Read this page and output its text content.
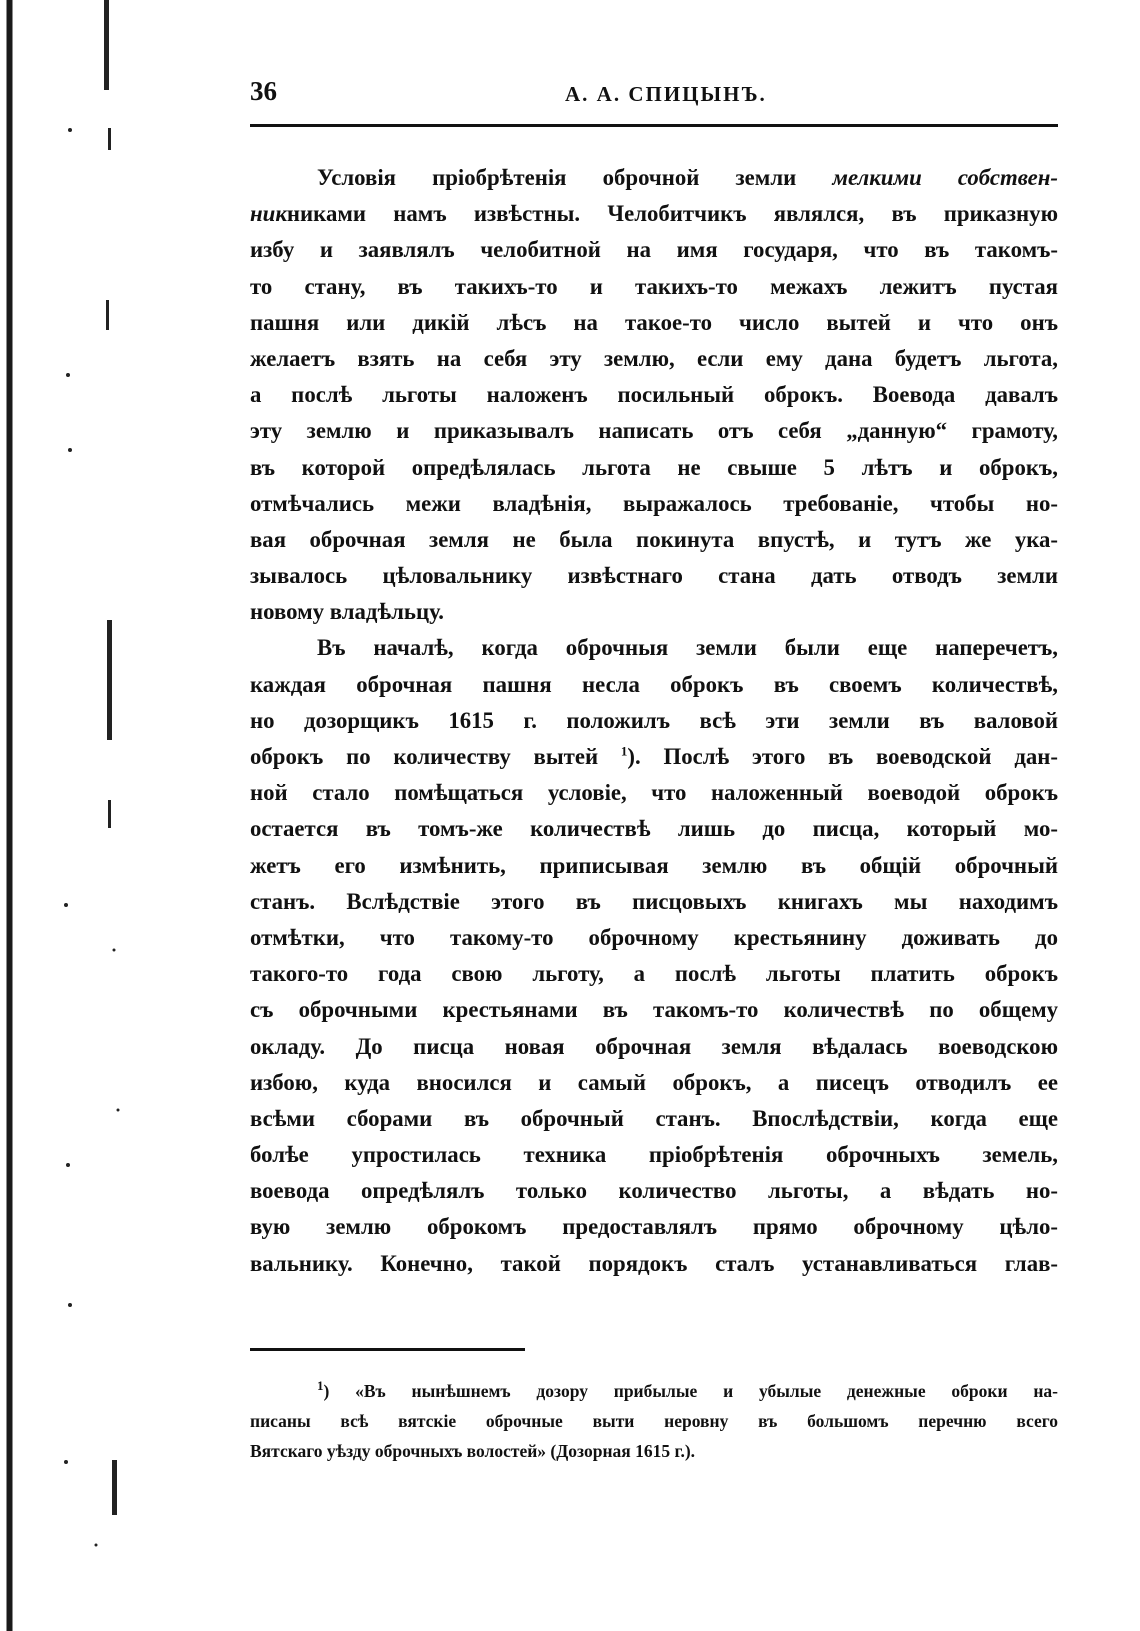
36	А. А. СПИЦЫНЪ.
Условія пріобрѣтенія оброчной земли мелкими собствен-
никниками намъ извѣстны. Челобитчикъ являлся, въ приказную
избу и заявлялъ челобитной на имя государя, что въ такомъ-
то стану, въ такихъ-то и такихъ-то межахъ лежитъ пустая
пашня или дикій лѣсъ на такое-то число вытей и что онъ
желаетъ взять на себя эту землю, если ему дана будетъ льгота,
а послѣ льготы наложенъ посильный оброкъ. Воевода давалъ
эту землю и приказывалъ написать отъ себя „данную“ грамоту,
въ которой опредѣлялась льгота не свыше 5 лѣтъ и оброкъ,
отмѣчались межи владѣнія, выражалось требованіе, чтобы но-
вая оброчная земля не была покинута впустѣ, и тутъ же ука-
зывалось цѣловальнику извѣстнаго стана дать отводъ земли
новому владѣльцу.
Въ началѣ, когда оброчныя земли были еще наперечетъ,
каждая оброчная пашня несла оброкъ въ своемъ количествѣ,
но дозорщикъ 1615 г. положилъ всѣ эти земли въ валовой
оброкъ по количеству вытей $^1$). Послѣ этого въ воеводской дан-
ной стало помѣщаться условіе, что наложенный воеводой оброкъ
остается въ томъ-же количествѣ лишь до писца, который мо-
жетъ его измѣнить, приписывая землю въ общій оброчный
станъ. Вслѣдствіе этого въ писцовыхъ книгахъ мы находимъ
отмѣтки, что такому-то оброчному крестьянину доживать до
такого-то года свою льготу, а послѣ льготы платить оброкъ
съ оброчными крестьянами въ такомъ-то количествѣ по общему
окладу. До писца новая оброчная земля вѣдалась воеводскою
избою, куда вносился и самый оброкъ, а писецъ отводилъ ее
всѣми сборами въ оброчный станъ. Впослѣдствіи, когда еще
болѣе упростилась техника пріобрѣтенія оброчныхъ земель,
воевода опредѣлялъ только количество льготы, а вѣдать но-
вую землю оброкомъ предоставлялъ прямо оброчному цѣло-
вальнику. Конечно, такой порядокъ сталъ устанавливаться глав-
$^1$) «Въ нынѣшнемъ дозору прибылые и убылые денежные оброки на-
писаны всѣ вятскіе оброчные выти неровну въ большомъ перечню всего
Вятскаго уѣзду оброчныхъ волостей» (Дозорная 1615 г.).
